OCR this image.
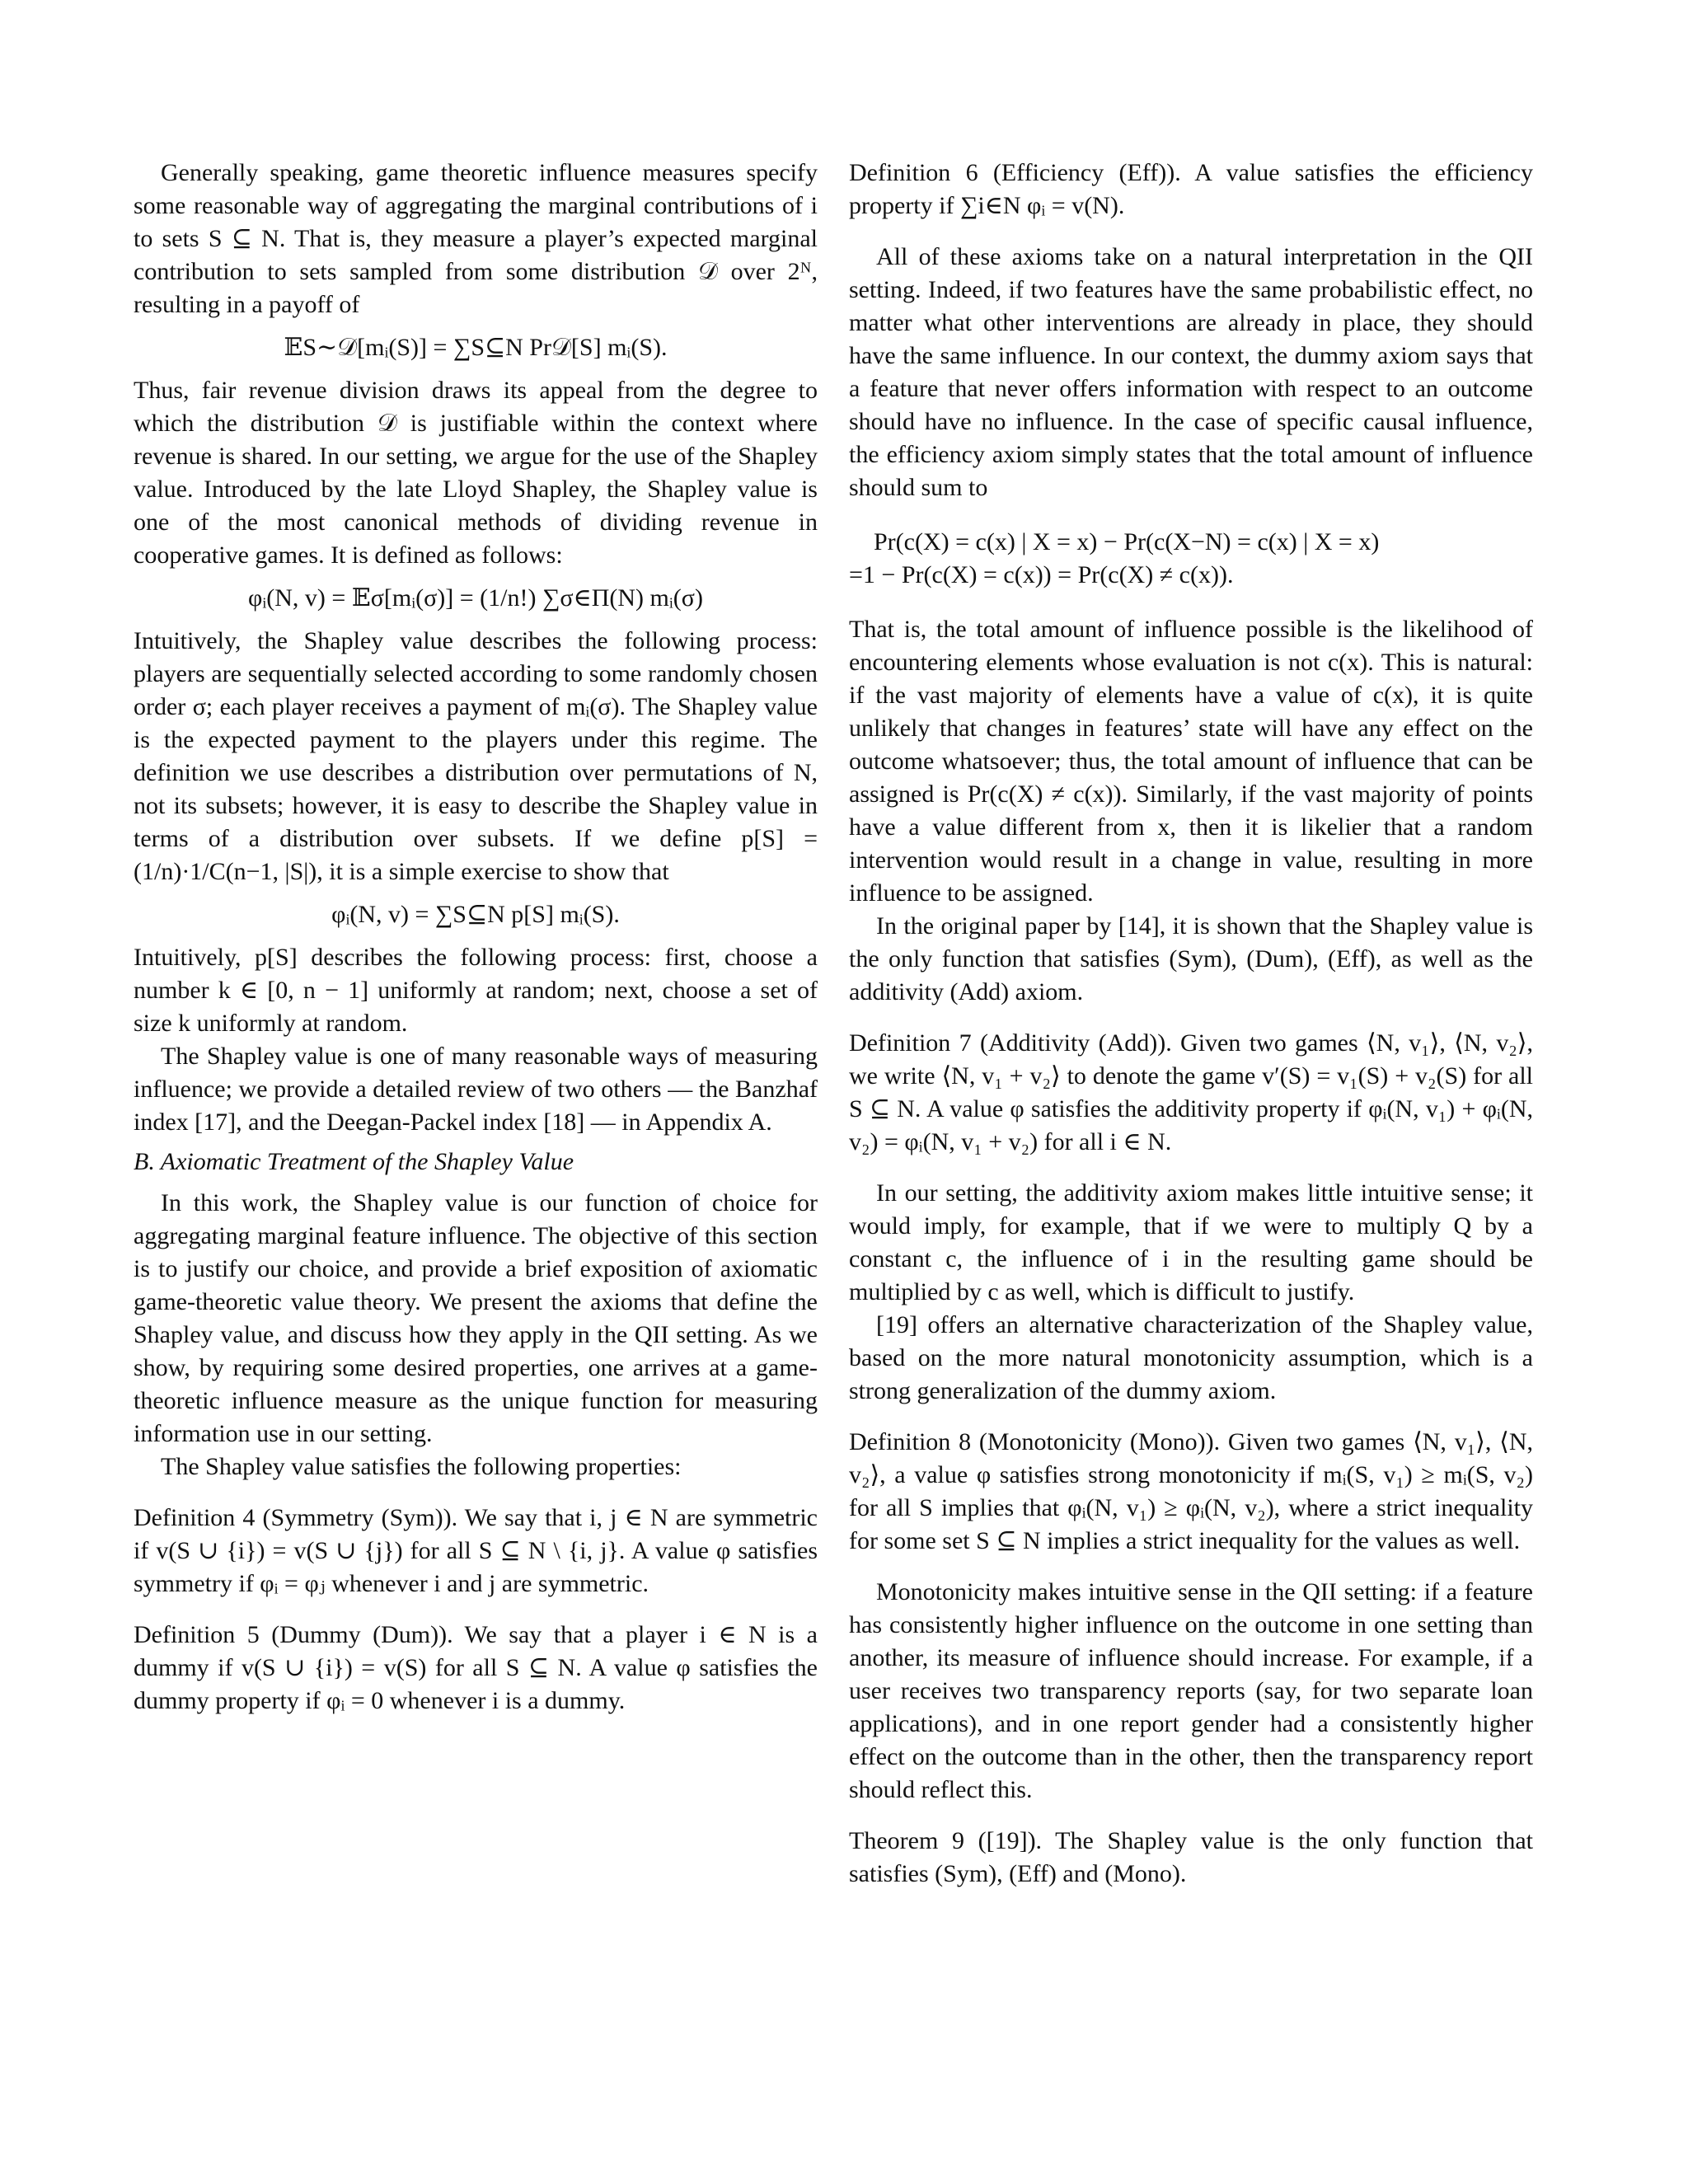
Generally speaking, game theoretic influence measures specify some reasonable way of aggregating the marginal contributions of i to sets S ⊆ N. That is, they measure a player’s expected marginal contribution to sets sampled from some distribution 𝒟 over 2ᴺ, resulting in a payoff of

𝔼S∼𝒟[mᵢ(S)] = ∑S⊆N Pr𝒟[S] mᵢ(S).

Thus, fair revenue division draws its appeal from the degree to which the distribution 𝒟 is justifiable within the context where revenue is shared. In our setting, we argue for the use of the Shapley value. Introduced by the late Lloyd Shapley, the Shapley value is one of the most canonical methods of dividing revenue in cooperative games. It is defined as follows:

φᵢ(N, v) = 𝔼σ[mᵢ(σ)] = (1/n!) ∑σ∈Π(N) mᵢ(σ)

Intuitively, the Shapley value describes the following process: players are sequentially selected according to some randomly chosen order σ; each player receives a payment of mᵢ(σ). The Shapley value is the expected payment to the players under this regime. The definition we use describes a distribution over permutations of N, not its subsets; however, it is easy to describe the Shapley value in terms of a distribution over subsets. If we define p[S] = (1/n)·1/C(n−1, |S|), it is a simple exercise to show that

φᵢ(N, v) = ∑S⊆N p[S] mᵢ(S).

Intuitively, p[S] describes the following process: first, choose a number k ∈ [0, n − 1] uniformly at random; next, choose a set of size k uniformly at random.

The Shapley value is one of many reasonable ways of measuring influence; we provide a detailed review of two others — the Banzhaf index [17], and the Deegan-Packel index [18] — in Appendix A.

B. Axiomatic Treatment of the Shapley Value

In this work, the Shapley value is our function of choice for aggregating marginal feature influence. The objective of this section is to justify our choice, and provide a brief exposition of axiomatic game-theoretic value theory. We present the axioms that define the Shapley value, and discuss how they apply in the QII setting. As we show, by requiring some desired properties, one arrives at a game-theoretic influence measure as the unique function for measuring information use in our setting.

The Shapley value satisfies the following properties:

Definition 4 (Symmetry (Sym)). We say that i, j ∈ N are symmetric if v(S ∪ {i}) = v(S ∪ {j}) for all S ⊆ N \ {i, j}. A value φ satisfies symmetry if φᵢ = φⱼ whenever i and j are symmetric.

Definition 5 (Dummy (Dum)). We say that a player i ∈ N is a dummy if v(S ∪ {i}) = v(S) for all S ⊆ N. A value φ satisfies the dummy property if φᵢ = 0 whenever i is a dummy.

Definition 6 (Efficiency (Eff)). A value satisfies the efficiency property if ∑i∈N φᵢ = v(N).

All of these axioms take on a natural interpretation in the QII setting. Indeed, if two features have the same probabilistic effect, no matter what other interventions are already in place, they should have the same influence. In our context, the dummy axiom says that a feature that never offers information with respect to an outcome should have no influence. In the case of specific causal influence, the efficiency axiom simply states that the total amount of influence should sum to

Pr(c(X) = c(x) | X = x) − Pr(c(X−N) = c(x) | X = x)
=1 − Pr(c(X) = c(x)) = Pr(c(X) ≠ c(x)).

That is, the total amount of influence possible is the likelihood of encountering elements whose evaluation is not c(x). This is natural: if the vast majority of elements have a value of c(x), it is quite unlikely that changes in features’ state will have any effect on the outcome whatsoever; thus, the total amount of influence that can be assigned is Pr(c(X) ≠ c(x)). Similarly, if the vast majority of points have a value different from x, then it is likelier that a random intervention would result in a change in value, resulting in more influence to be assigned.

In the original paper by [14], it is shown that the Shapley value is the only function that satisfies (Sym), (Dum), (Eff), as well as the additivity (Add) axiom.

Definition 7 (Additivity (Add)). Given two games ⟨N, v₁⟩, ⟨N, v₂⟩, we write ⟨N, v₁ + v₂⟩ to denote the game v′(S) = v₁(S) + v₂(S) for all S ⊆ N. A value φ satisfies the additivity property if φᵢ(N, v₁) + φᵢ(N, v₂) = φᵢ(N, v₁ + v₂) for all i ∈ N.

In our setting, the additivity axiom makes little intuitive sense; it would imply, for example, that if we were to multiply Q by a constant c, the influence of i in the resulting game should be multiplied by c as well, which is difficult to justify.

[19] offers an alternative characterization of the Shapley value, based on the more natural monotonicity assumption, which is a strong generalization of the dummy axiom.

Definition 8 (Monotonicity (Mono)). Given two games ⟨N, v₁⟩, ⟨N, v₂⟩, a value φ satisfies strong monotonicity if mᵢ(S, v₁) ≥ mᵢ(S, v₂) for all S implies that φᵢ(N, v₁) ≥ φᵢ(N, v₂), where a strict inequality for some set S ⊆ N implies a strict inequality for the values as well.

Monotonicity makes intuitive sense in the QII setting: if a feature has consistently higher influence on the outcome in one setting than another, its measure of influence should increase. For example, if a user receives two transparency reports (say, for two separate loan applications), and in one report gender had a consistently higher effect on the outcome than in the other, then the transparency report should reflect this.

Theorem 9 ([19]). The Shapley value is the only function that satisfies (Sym), (Eff) and (Mono).
